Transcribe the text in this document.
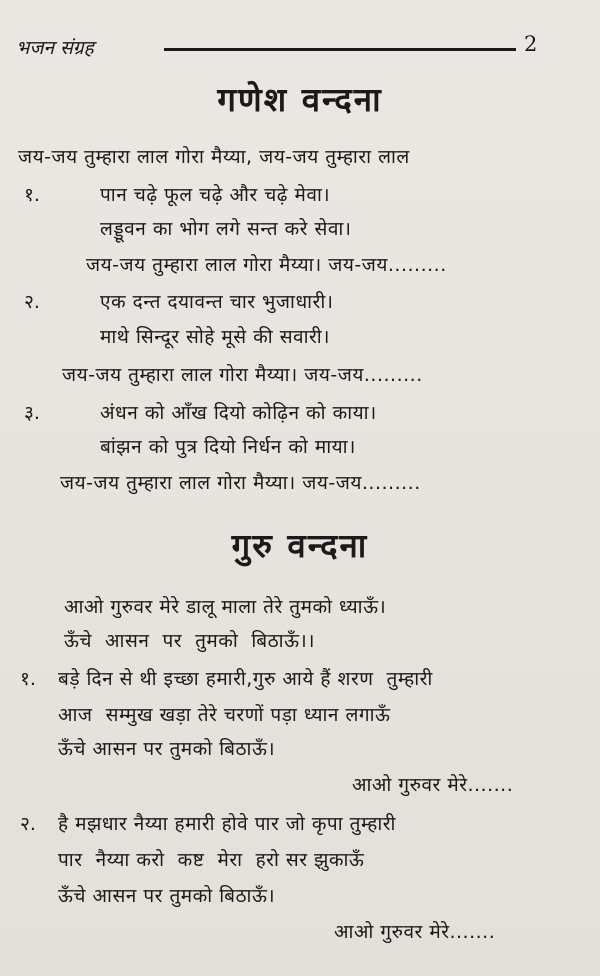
भजन संग्रह	2
गणेश वन्दना
जय-जय तुम्हारा लाल गोरा मैय्या, जय-जय तुम्हारा लाल
१.	पान चढ़े फूल चढ़े और चढ़े मेवा।
लड्डूवन का भोग लगे सन्त करे सेवा।
जय-जय तुम्हारा लाल गोरा मैय्या। जय-जय.........
२.	एक दन्त दयावन्त चार भुजाधारी।
माथे सिन्दूर सोहे मूसे की सवारी।
जय-जय तुम्हारा लाल गोरा मैय्या। जय-जय.........
३.	अंधन को आँख दियो कोढ़िन को काया।
बांझन को पुत्र दियो निर्धन को माया।
जय-जय तुम्हारा लाल गोरा मैय्या। जय-जय.........
गुरु वन्दना
आओ गुरुवर मेरे डालू माला तेरे तुमको ध्याऊँ।
ऊँचे  आसन  पर  तुमको  बिठाऊँ।।
१. बड़े दिन से थी इच्छा हमारी,गुरु आये हैं शरण  तुम्हारी
आज  सम्मुख खड़ा तेरे चरणों पड़ा ध्यान लगाऊँ
ऊँचे आसन पर तुमको बिठाऊँ।
आओ गुरुवर मेरे.......
२. है मझधार नैय्या हमारी होवे पार जो कृपा तुम्हारी
पार  नैय्या करो  कष्ट  मेरा  हरो सर झुकाऊँ
ऊँचे आसन पर तुमको बिठाऊँ।
आओ गुरुवर मेरे.......
